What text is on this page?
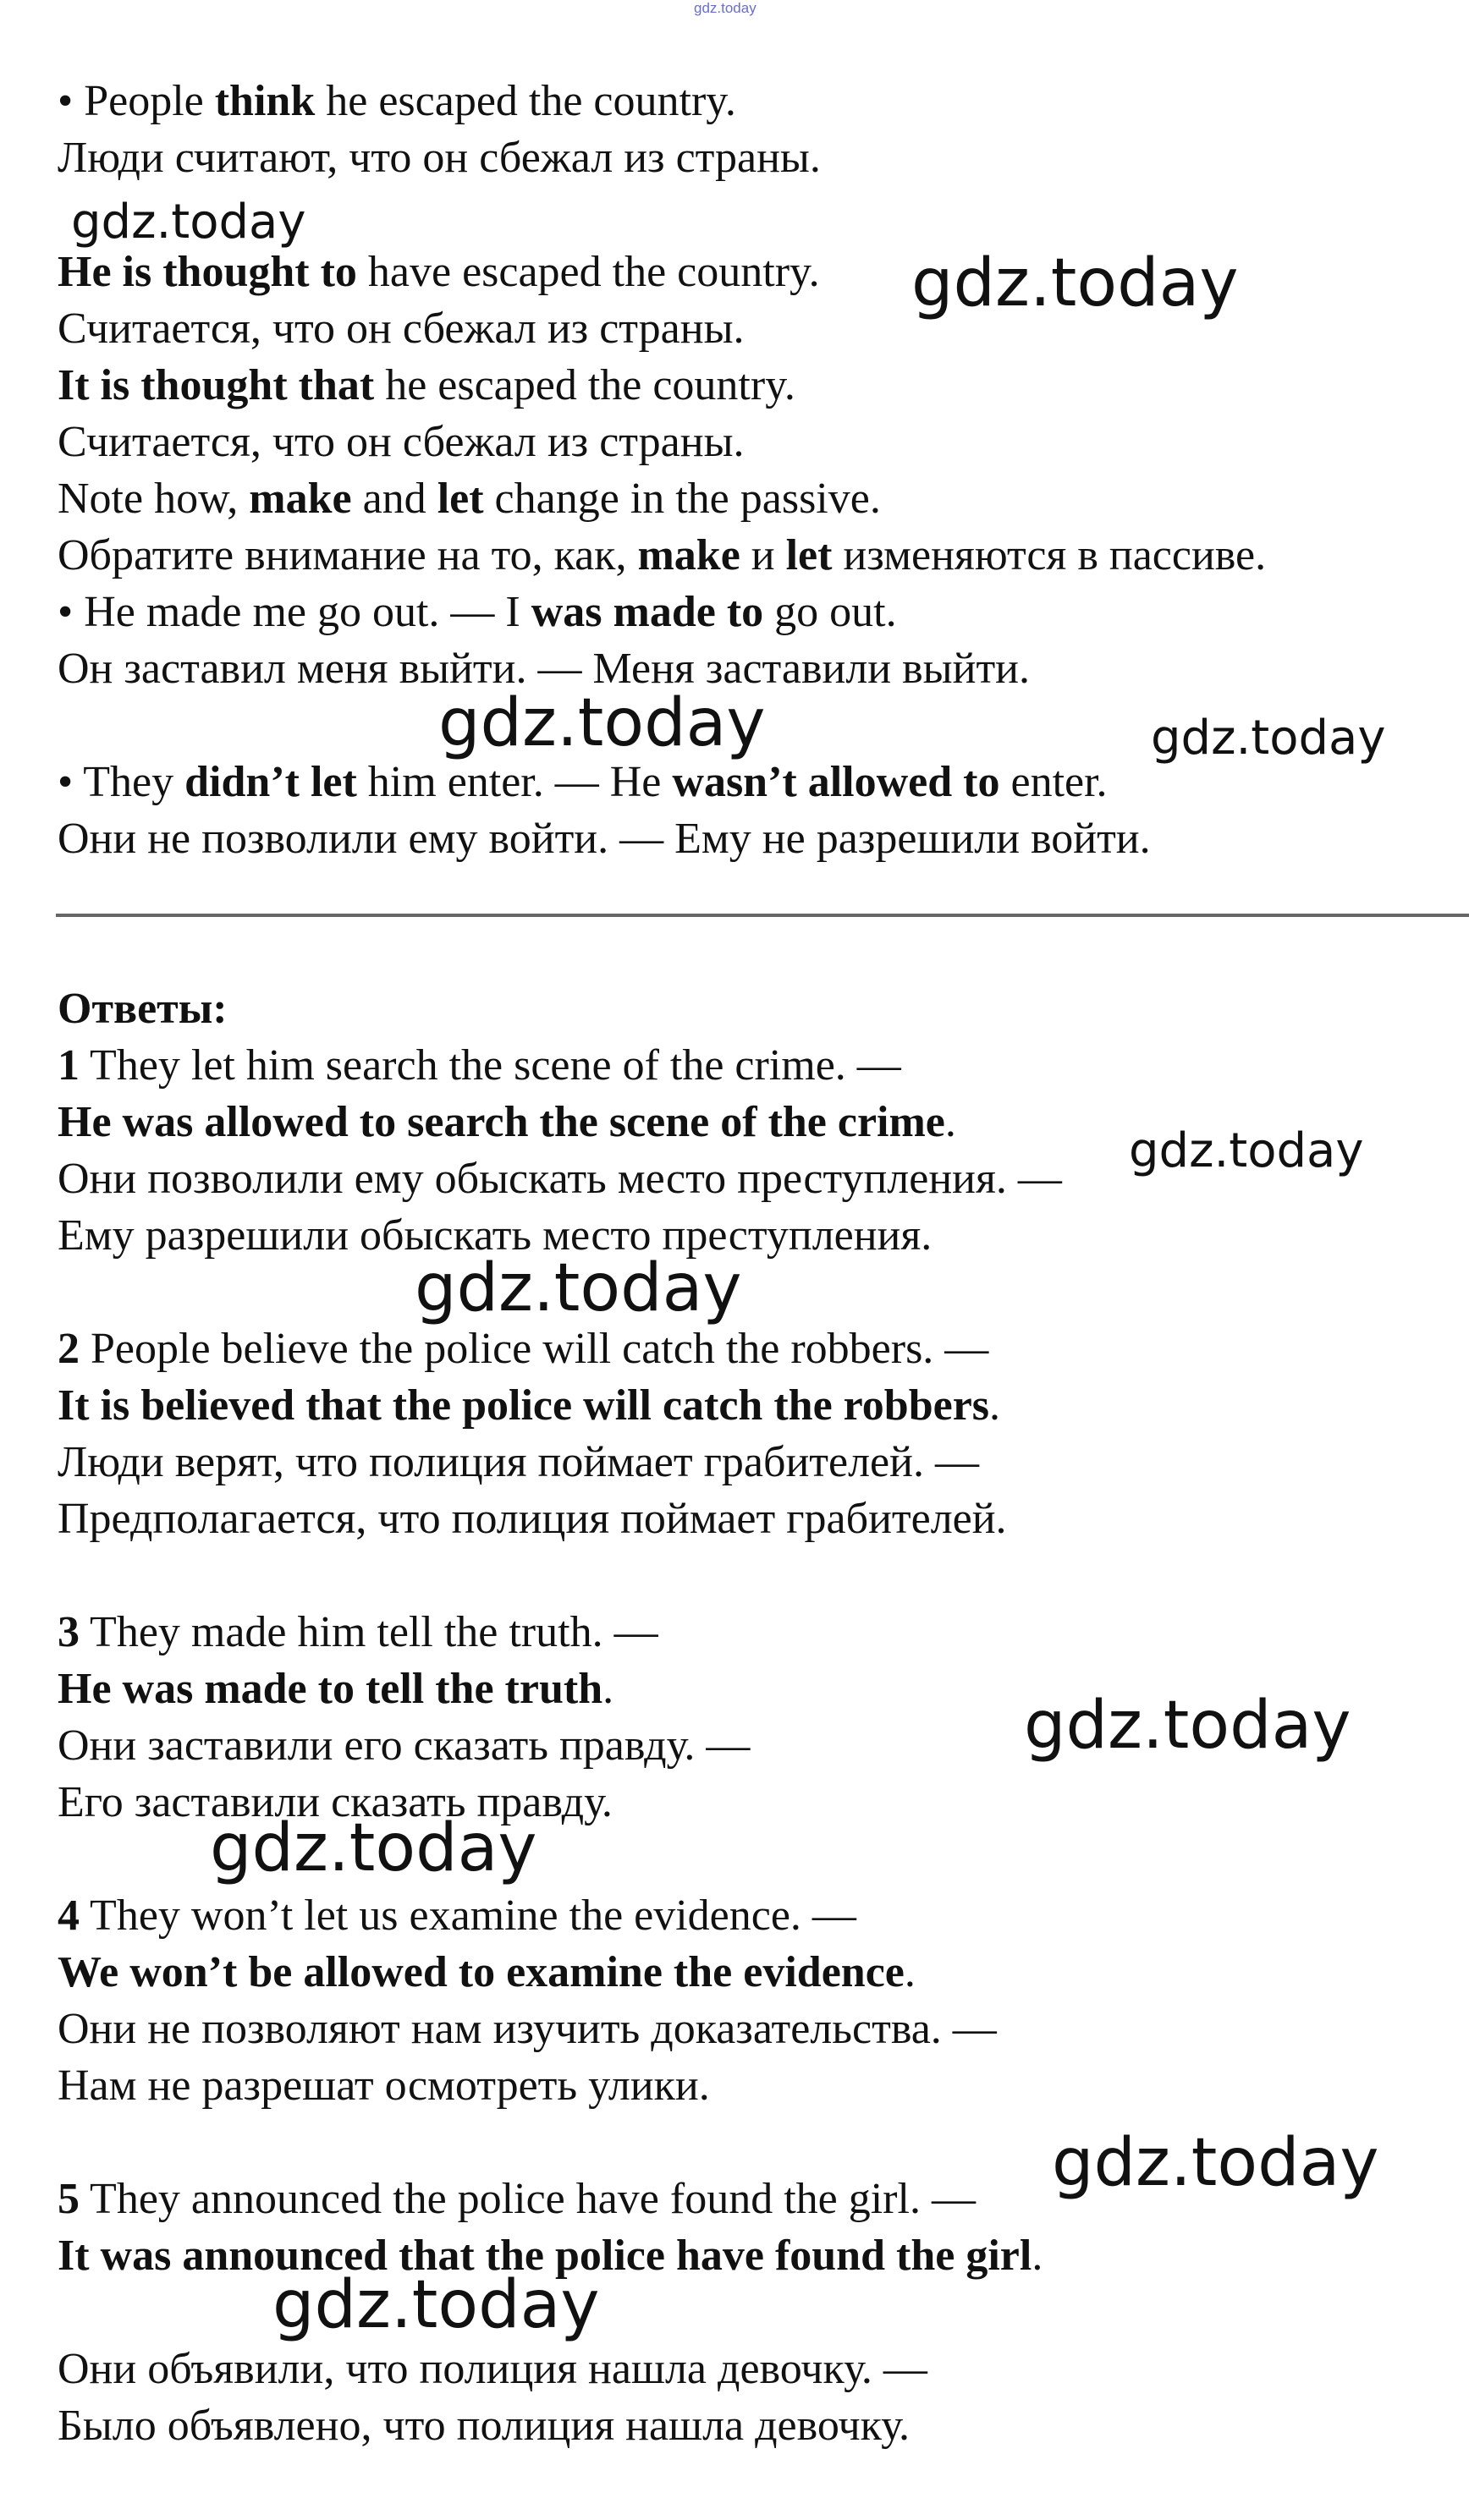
gdz.today
• People think he escaped the country.
Люди считают, что он сбежал из страны.
He is thought to have escaped the country.
Считается, что он сбежал из страны.
It is thought that he escaped the country.
Считается, что он сбежал из страны.
Note how, make and let change in the passive.
Обратите внимание на то, как, make и let изменяются в пассиве.
• He made me go out. — I was made to go out.
Он заставил меня выйти. — Меня заставили выйти.
• They didn’t let him enter. — He wasn’t allowed to enter.
Они не позволили ему войти. — Ему не разрешили войти.
Ответы:
1 They let him search the scene of the crime. —
He was allowed to search the scene of the crime.
Они позволили ему обыскать место преступления. —
Ему разрешили обыскать место преступления.
2 People believe the police will catch the robbers. —
It is believed that the police will catch the robbers.
Люди верят, что полиция поймает грабителей. —
Предполагается, что полиция поймает грабителей.
3 They made him tell the truth. —
He was made to tell the truth.
Они заставили его сказать правду. —
Его заставили сказать правду.
4 They won’t let us examine the evidence. —
We won’t be allowed to examine the evidence.
Они не позволяют нам изучить доказательства. —
Нам не разрешат осмотреть улики.
5 They announced the police have found the girl. —
It was announced that the police have found the girl.
Они объявили, что полиция нашла девочку. —
Было объявлено, что полиция нашла девочку.
gdz.today
gdz.today
gdz.today	gdz.today
gdz.today
gdz.today
gdz.today
gdz.today
gdz.today
gdz.today
